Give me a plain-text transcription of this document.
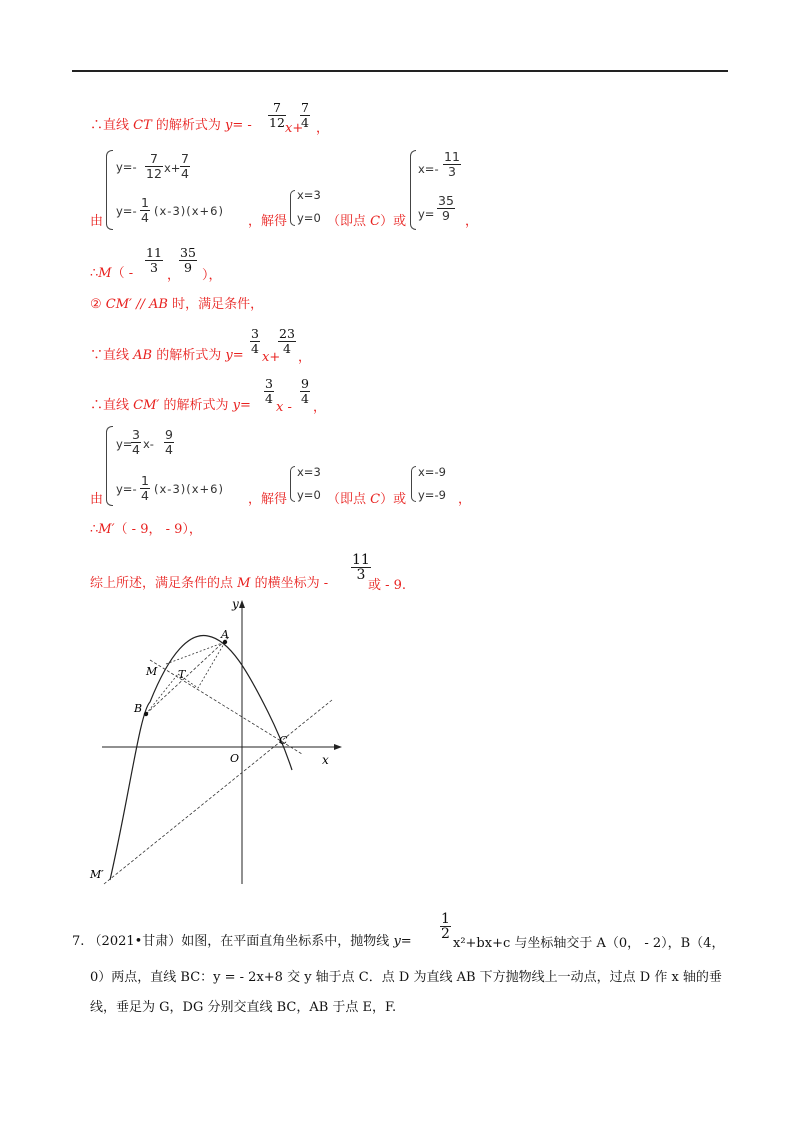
∴直线 CT 的解析式为 $y= - \frac{7}{12} x+$
$\frac{7}{4}$ ，
$y=- \frac{7}{12} x+ \frac{7}{4}$
$y=- \frac{1}{4} (x-3)(x+6)$
由	，解得
x=3
y=0 （即点 C）或
$x=- \frac{11}{3}$
$y= \frac{35}{9}$ ，
∴M（ - $\frac{11}{3}$
，
$\frac{35}{9}$
），
② CM′ // AB 时，满足条件，
∵直线 AB 的解析式为 $y= \frac{3}{4}$
x+
$\frac{23}{4}$
，
∴直线 CM′ 的解析式为 $y= \frac{3}{4}$
x -
$\frac{9}{4}$
，
y=
$\frac{3}{4} x- \frac{9}{4}$
$y=- \frac{1}{4} (x-3)(x+6)$
由	，解得
x=3
y=0 （即点 C）或
x=-9
y=-9 ，
∴M′（ - 9， - 9），
综上所述，满足条件的点 M 的横坐标为 -
$\frac{11}{3}$
或 - 9.
y
x
O
A
B
C
M T
M′
7. （2021•甘肃）如图，在平面直角坐标系中，抛物线 y=
$\frac{1}{2}$
x²+bx+c 与坐标轴交于 A（0， - 2），B（4，
0）两点，直线 BC：y = - 2x+8 交 y 轴于点 C．点 D 为直线 AB 下方抛物线上一动点，过点 D 作 x 轴的垂
线，垂足为 G，DG 分别交直线 BC，AB 于点 E，F.
